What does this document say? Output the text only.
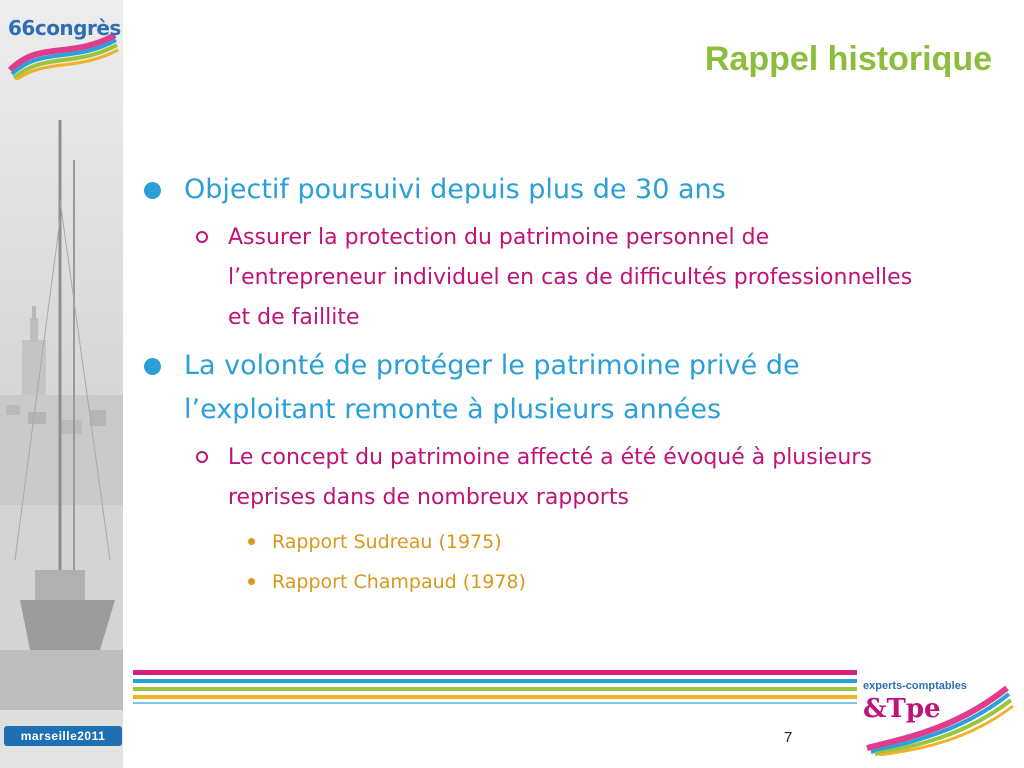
66congrès
marseille2011
Rappel historique
Objectif poursuivi depuis plus de 30 ans
Assurer la protection du patrimoine personnel de l’entrepreneur individuel en cas de difficultés professionnelles et de faillite
La volonté de protéger le patrimoine privé de l’exploitant remonte à plusieurs années
Le concept du patrimoine affecté a été évoqué à plusieurs reprises dans de nombreux rapports
Rapport Sudreau (1975)
Rapport Champaud (1978)
experts-comptables
&Tpe
7
